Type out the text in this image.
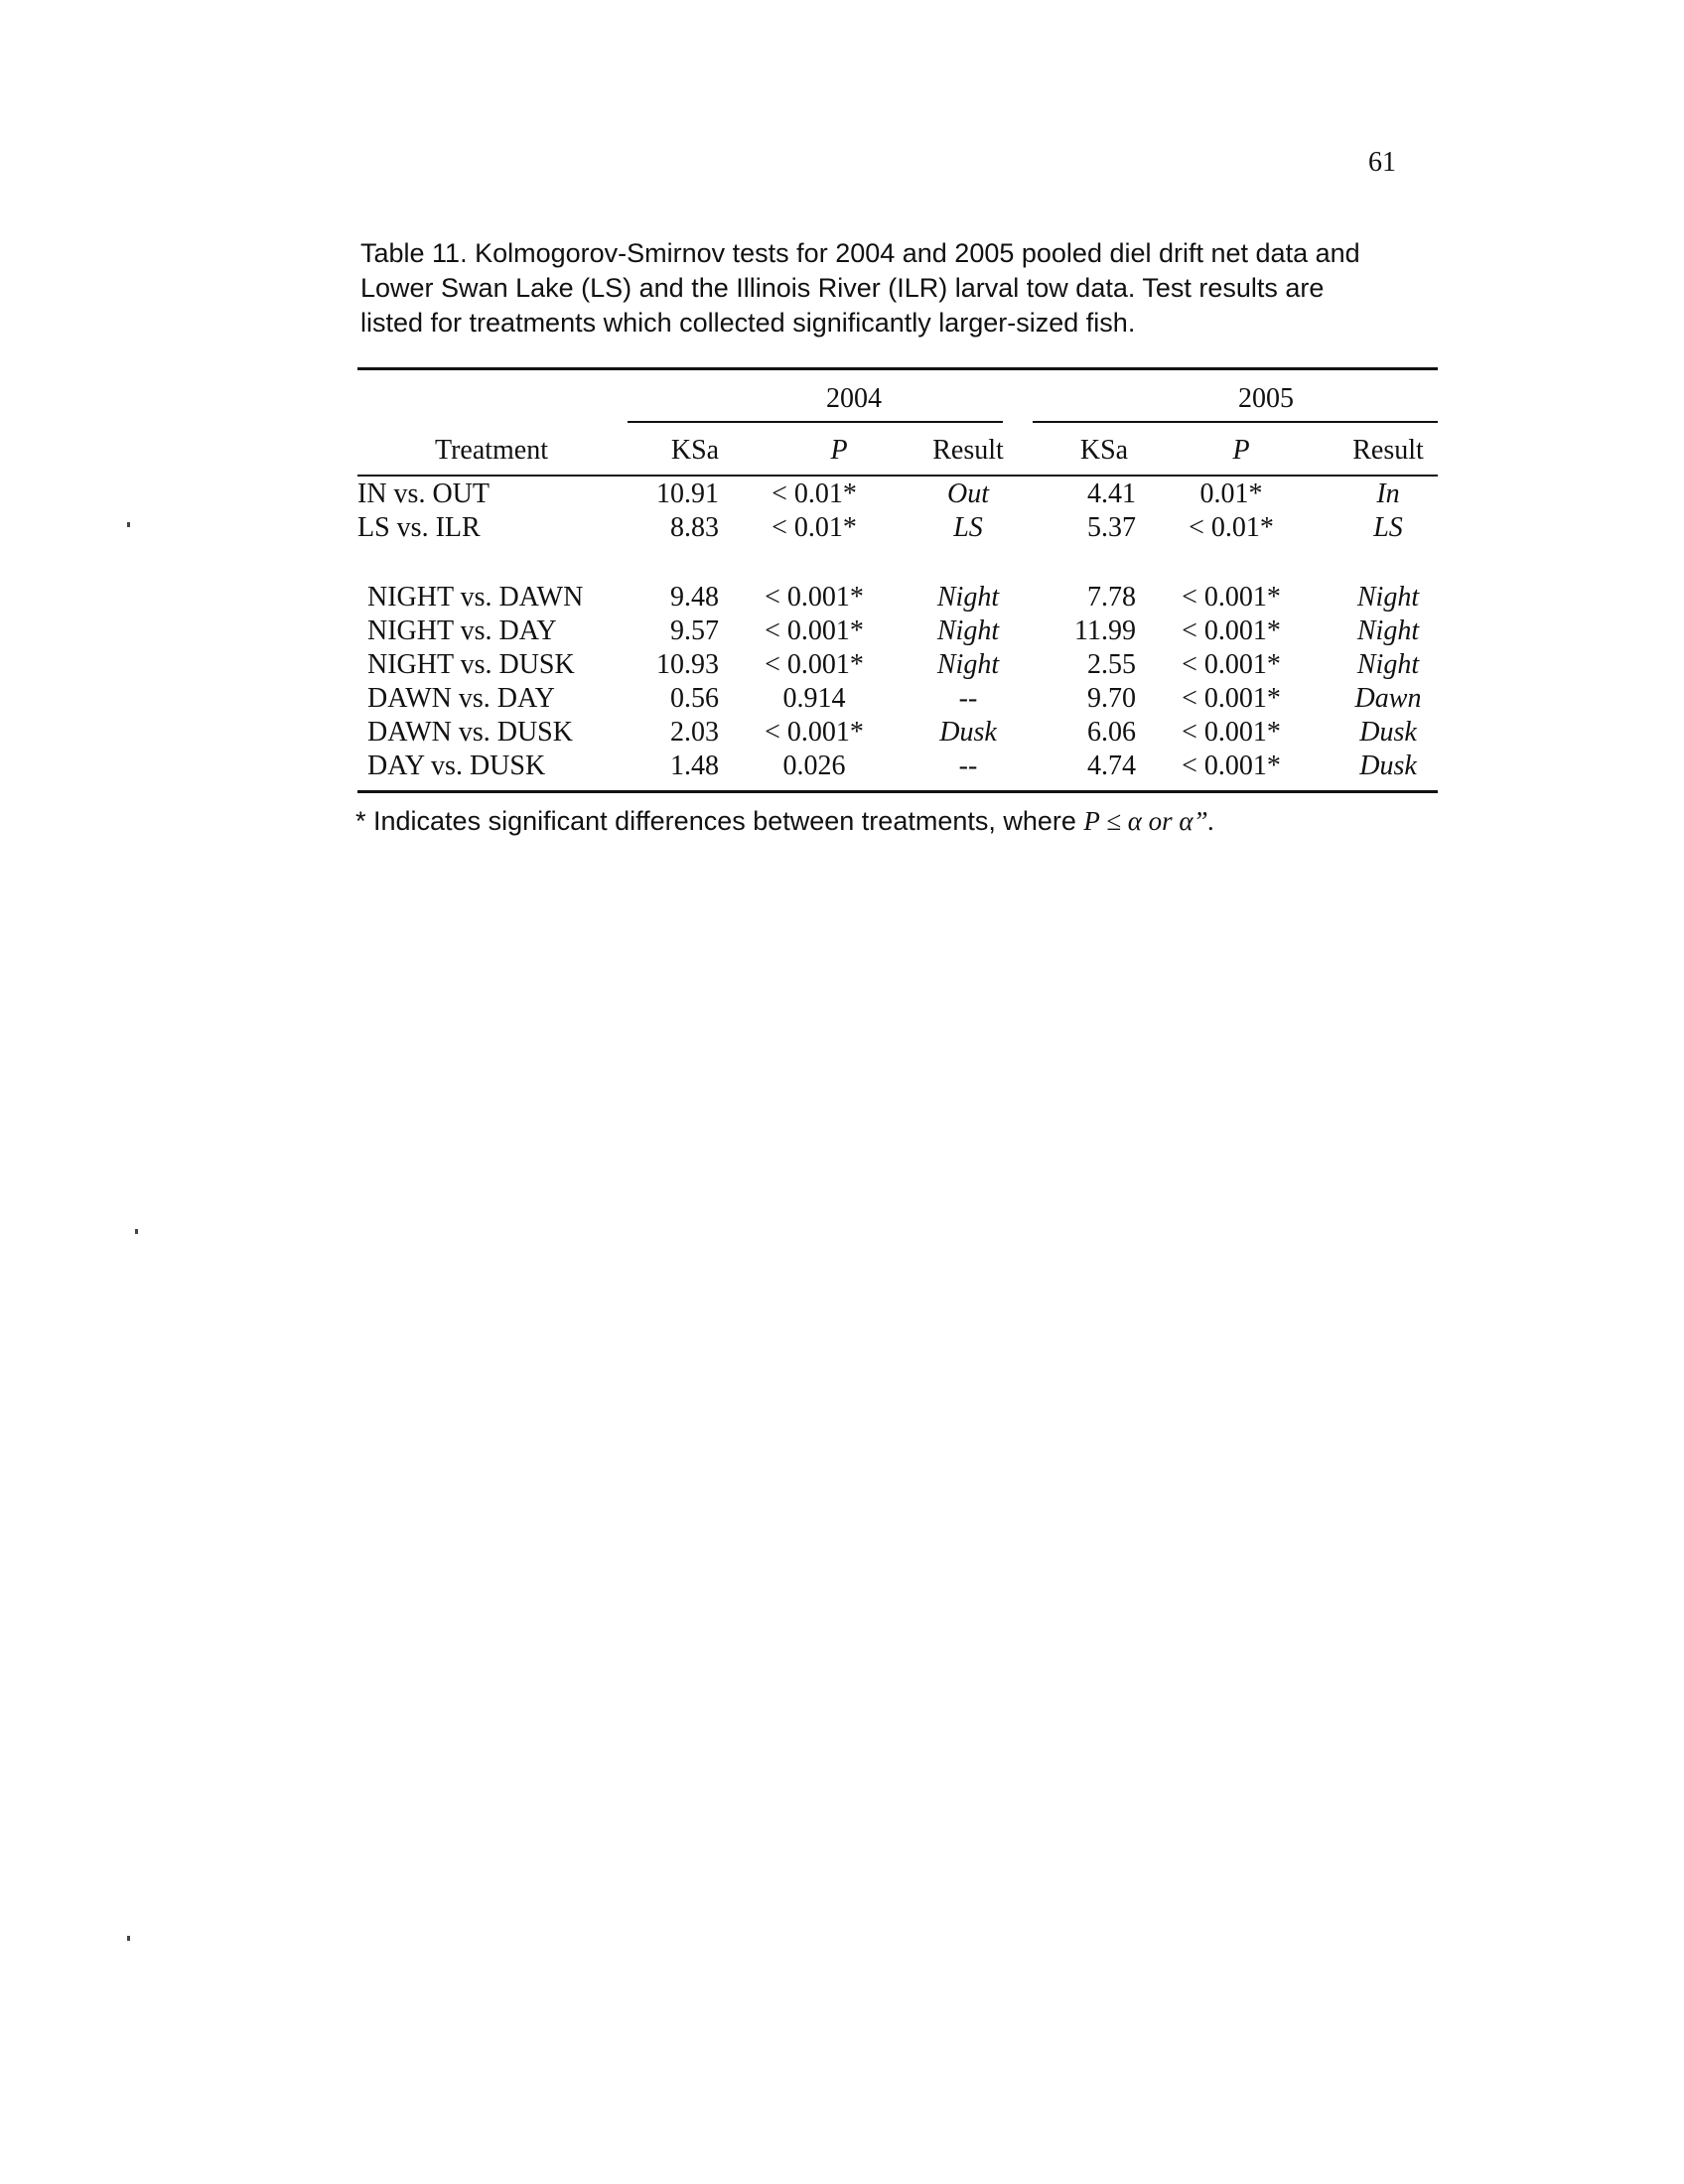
61
Table 11. Kolmogorov-Smirnov tests for 2004 and 2005 pooled diel drift net data and
Lower Swan Lake (LS) and the Illinois River (ILR) larval tow data. Test results are
listed for treatments which collected significantly larger-sized fish.
2004	2005
Treatment	KSa	P	Result	KSa	P	Result
IN vs. OUT	10.91	< 0.01*	Out	4.41	0.01*	In
LS vs. ILR	8.83	< 0.01*	LS	5.37	< 0.01*	LS
NIGHT vs. DAWN	9.48	< 0.001*	Night	7.78	< 0.001*	Night
NIGHT vs. DAY	9.57	< 0.001*	Night	11.99	< 0.001*	Night
NIGHT vs. DUSK	10.93	< 0.001*	Night	2.55	< 0.001*	Night
DAWN vs. DAY	0.56	0.914	--	9.70	< 0.001*	Dawn
DAWN vs. DUSK	2.03	< 0.001*	Dusk	6.06	< 0.001*	Dusk
DAY vs. DUSK	1.48	0.026	--	4.74	< 0.001*	Dusk
* Indicates significant differences between treatments, where P ≤ α or α”.
